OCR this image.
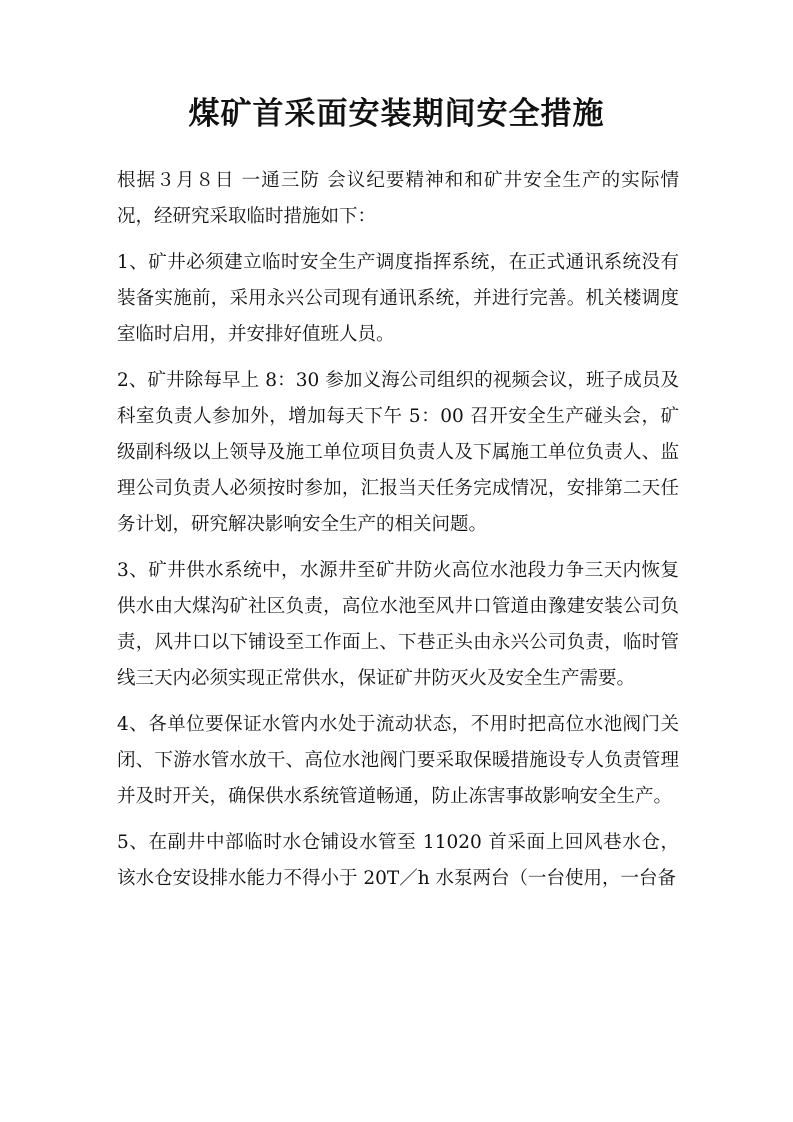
煤矿首采面安装期间安全措施

根据３月８日 一通三防 会议纪要精神和和矿井安全生产的实际情况，经研究采取临时措施如下：

1、矿井必须建立临时安全生产调度指挥系统，在正式通讯系统没有装备实施前，采用永兴公司现有通讯系统，并进行完善。机关楼调度室临时启用，并安排好值班人员。

2、矿井除每早上 8：30 参加义海公司组织的视频会议，班子成员及科室负责人参加外，增加每天下午 5：00 召开安全生产碰头会，矿级副科级以上领导及施工单位项目负责人及下属施工单位负责人、监理公司负责人必须按时参加，汇报当天任务完成情况，安排第二天任务计划，研究解决影响安全生产的相关问题。

3、矿井供水系统中，水源井至矿井防火高位水池段力争三天内恢复供水由大煤沟矿社区负责，高位水池至风井口管道由豫建安装公司负责，风井口以下铺设至工作面上、下巷正头由永兴公司负责，临时管线三天内必须实现正常供水，保证矿井防灭火及安全生产需要。

4、各单位要保证水管内水处于流动状态，不用时把高位水池阀门关闭、下游水管水放干、高位水池阀门要采取保暖措施设专人负责管理并及时开关，确保供水系统管道畅通，防止冻害事故影响安全生产。

5、在副井中部临时水仓铺设水管至 11020 首采面上回风巷水仓，该水仓安设排水能力不得小于 20T／h 水泵两台（一台使用，一台备
